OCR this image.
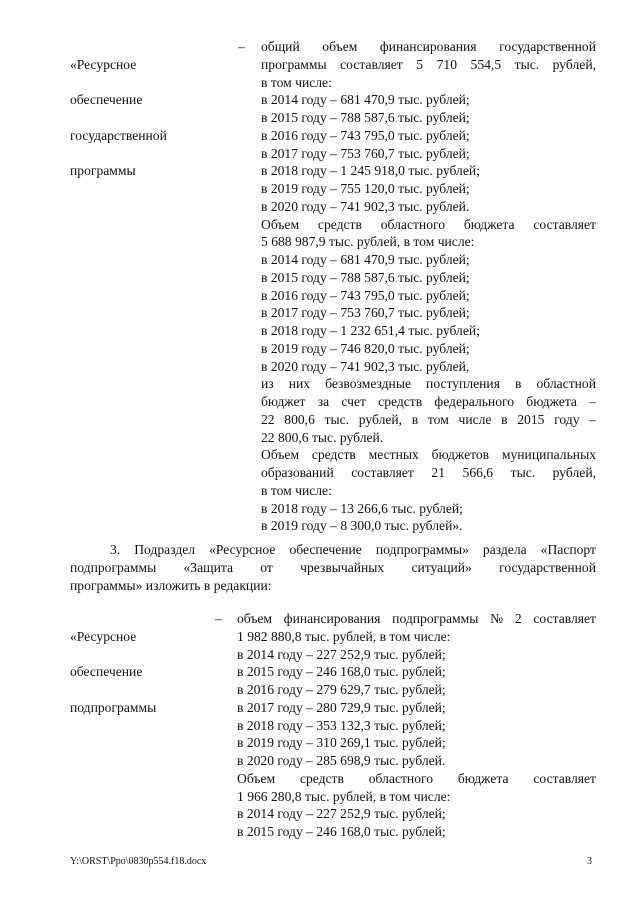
«Ресурсное

обеспечение

государственной

программы

– общий объем финансирования государственной
программы составляет 5 710 554,5 тыс. рублей,
в том числе:
в 2014 году – 681 470,9 тыс. рублей;
в 2015 году – 788 587,6 тыс. рублей;
в 2016 году – 743 795,0 тыс. рублей;
в 2017 году – 753 760,7 тыс. рублей;
в 2018 году – 1 245 918,0 тыс. рублей;
в 2019 году – 755 120,0 тыс. рублей;
в 2020 году – 741 902,3 тыс. рублей.
Объем средств областного бюджета составляет
5 688 987,9 тыс. рублей, в том числе:
в 2014 году – 681 470,9 тыс. рублей;
в 2015 году – 788 587,6 тыс. рублей;
в 2016 году – 743 795,0 тыс. рублей;
в 2017 году – 753 760,7 тыс. рублей;
в 2018 году – 1 232 651,4 тыс. рублей;
в 2019 году – 746 820,0 тыс. рублей;
в 2020 году – 741 902,3 тыс. рублей,
из них безвозмездные поступления в областной
бюджет за счет средств федерального бюджета –
22 800,6 тыс. рублей, в том числе в 2015 году –
22 800,6 тыс. рублей.
Объем средств местных бюджетов муниципальных
образований составляет 21 566,6 тыс. рублей,
в том числе:
в 2018 году – 13 266,6 тыс. рублей;
в 2019 году – 8 300,0 тыс. рублей».
3. Подраздел «Ресурсное обеспечение подпрограммы» раздела «Паспорт
подпрограммы «Защита от чрезвычайных ситуаций» государственной
программы» изложить в редакции:

«Ресурсное

обеспечение

подпрограммы

– объем финансирования подпрограммы № 2 составляет
1 982 880,8 тыс. рублей, в том числе:
в 2014 году – 227 252,9 тыс. рублей;
в 2015 году – 246 168,0 тыс. рублей;
в 2016 году – 279 629,7 тыс. рублей;
в 2017 году – 280 729,9 тыс. рублей;
в 2018 году – 353 132,3 тыс. рублей;
в 2019 году – 310 269,1 тыс. рублей;
в 2020 году – 285 698,9 тыс. рублей.
Объем средств областного бюджета составляет
1 966 280,8 тыс. рублей, в том числе:
в 2014 году – 227 252,9 тыс. рублей;
в 2015 году – 246 168,0 тыс. рублей;
Y:\ORST\Ppo\0830p554.f18.docx	3
